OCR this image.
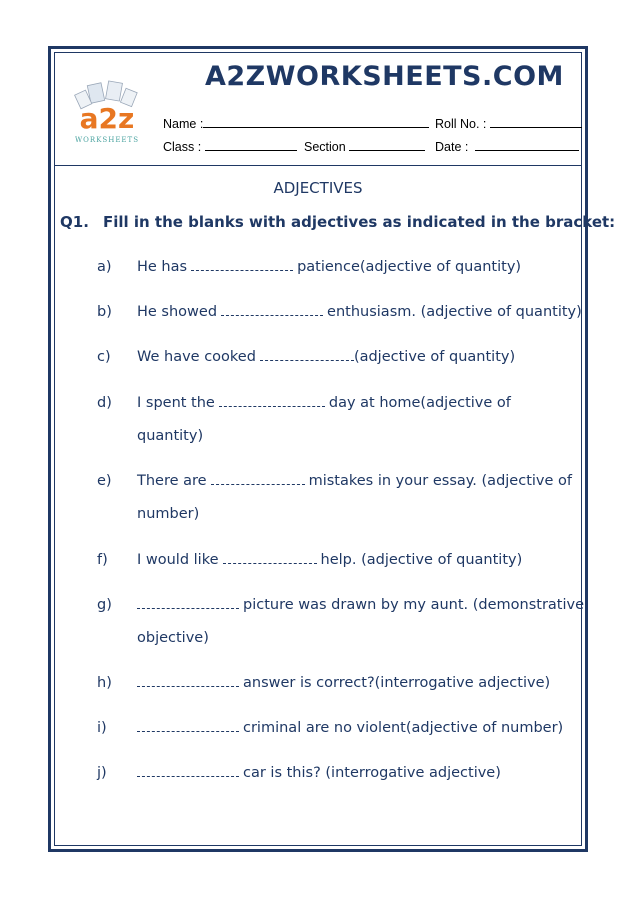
a2z
WORKSHEETS
A2ZWORKSHEETS.COM
Name :	Roll No. :
Class :	Section	Date :
ADJECTIVES
Q1. Fill in the blanks with adjectives as indicated in the bracket:
a) He has	patience(adjective of quantity)
b) He showed	enthusiasm. (adjective of quantity)
c) We have cooked	(adjective of quantity)
d) I spent the	day at home(adjective of
quantity)
e) There are	mistakes in your essay. (adjective of
number)
f) I would like	help. (adjective of quantity)
g)	picture was drawn by my aunt. (demonstrative
objective)
h)	answer is correct?(interrogative adjective)
i)	criminal are no violent(adjective of number)
j)	car is this? (interrogative adjective)
